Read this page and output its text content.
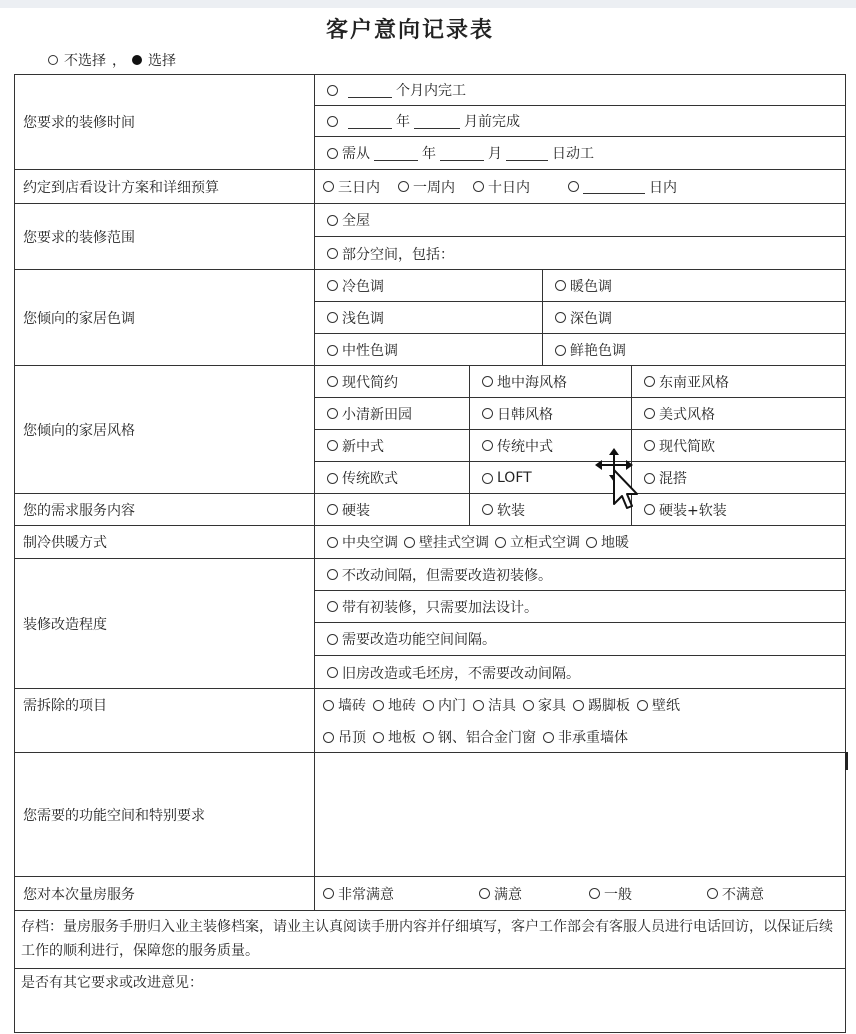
客户意向记录表
不选择 ， 选择
您要求的装修时间
个月内完工
年	月前完成
需从	年	月	日动工
约定到店看设计方案和详细预算	三日内 一周内 十日内	日内
您要求的装修范围
全屋
部分空间，包括：
您倾向的家居色调
冷色调	暖色调
浅色调	深色调
中性色调	鲜艳色调
您倾向的家居风格
现代简约	地中海风格	东南亚风格
小清新田园	日韩风格	美式风格
新中式	传统中式	现代简欧
传统欧式	LOFT	混搭
您的需求服务内容	硬装	软装	硬装+软装
制冷供暖方式	中央空调 壁挂式空调 立柜式空调 地暖
装修改造程度
不改动间隔，但需要改造初装修。
带有初装修，只需要加法设计。
需要改造功能空间间隔。
旧房改造或毛坯房，不需要改动间隔。
需拆除的项目	墙砖 地砖 内门 洁具 家具 踢脚板 壁纸
吊顶 地板 钢、铝合金门窗 非承重墙体
您需要的功能空间和特别要求
您对本次量房服务	非常满意	满意	一般	不满意
存档：量房服务手册归入业主装修档案，请业主认真阅读手册内容并仔细填写，客户工作部会有客服人员进行电话回访，以保证后续工作的顺利进行，保障您的服务质量。
是否有其它要求或改进意见：
